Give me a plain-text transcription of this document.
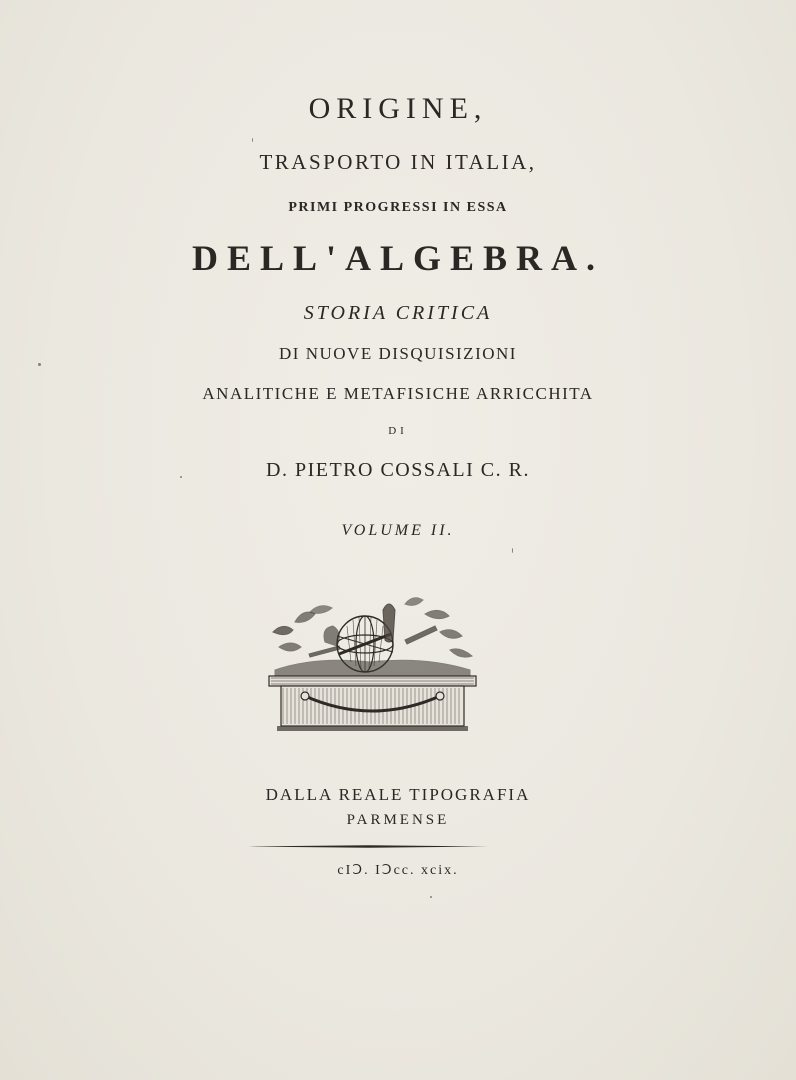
ORIGINE,
TRASPORTO IN ITALIA,
PRIMI PROGRESSI IN ESSA
DELL'ALGEBRA.
STORIA CRITICA
DI NUOVE DISQUISIZIONI
ANALITICHE E METAFISICHE ARRICCHITA
DI
D. PIETRO COSSALI C. R.
VOLUME II.
DALLA REALE TIPOGRAFIA
PARMENSE
cIↃ. IↃcc. xcix.
